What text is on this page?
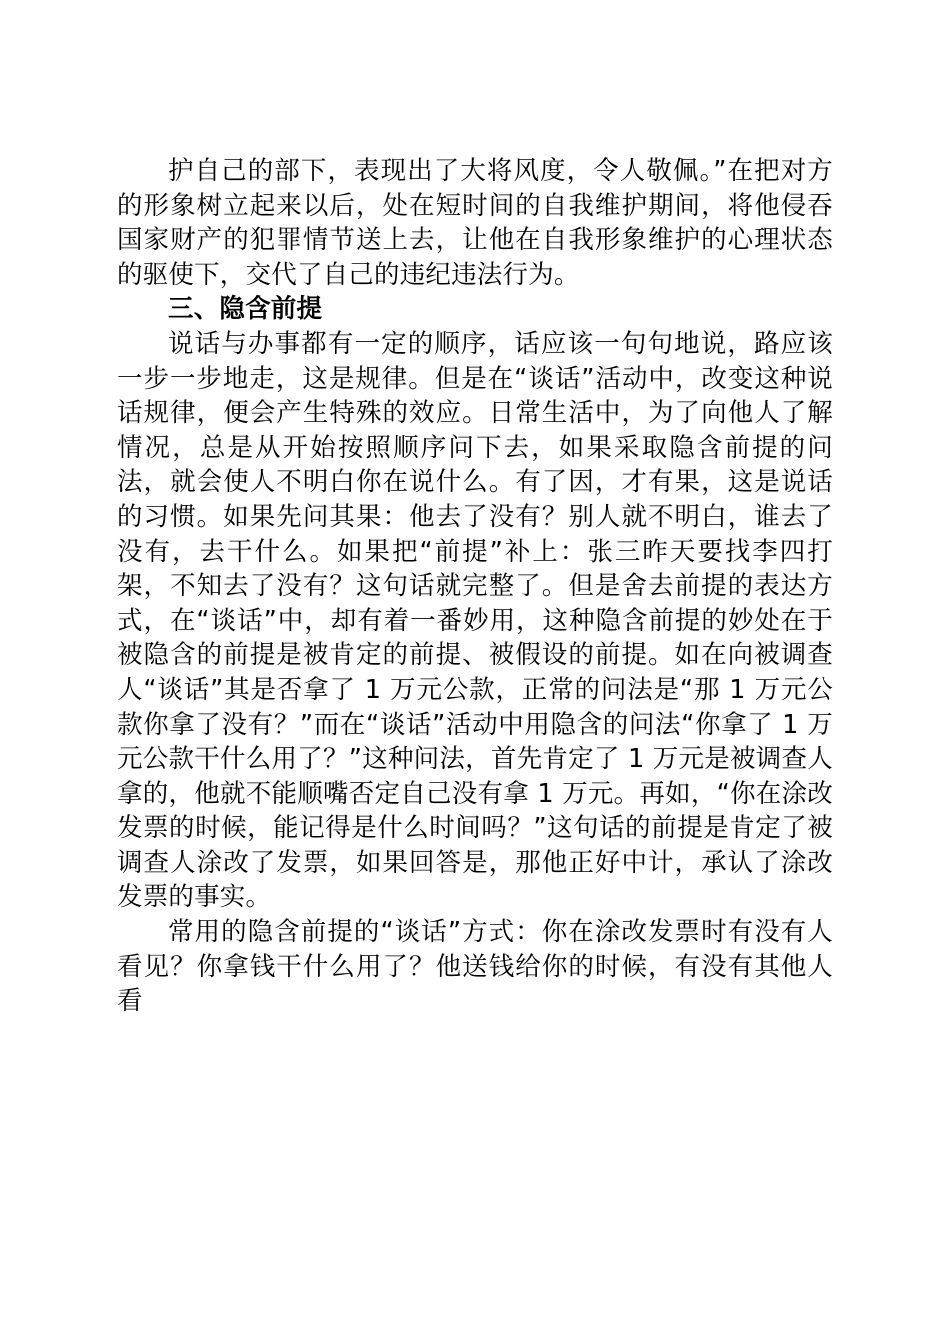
护自己的部下，表现出了大将风度，令人敬佩。”在把对方的形象树立起来以后，处在短时间的自我维护期间，将他侵吞国家财产的犯罪情节送上去，让他在自我形象维护的心理状态的驱使下，交代了自己的违纪违法行为。

三、隐含前提

说话与办事都有一定的顺序，话应该一句句地说，路应该一步一步地走，这是规律。但是在“谈话”活动中，改变这种说话规律，便会产生特殊的效应。日常生活中，为了向他人了解情况，总是从开始按照顺序问下去，如果采取隐含前提的问法，就会使人不明白你在说什么。有了因，才有果，这是说话的习惯。如果先问其果：他去了没有？别人就不明白，谁去了没有，去干什么。如果把“前提”补上：张三昨天要找李四打架，不知去了没有？这句话就完整了。但是舍去前提的表达方式，在“谈话”中，却有着一番妙用，这种隐含前提的妙处在于被隐含的前提是被肯定的前提、被假设的前提。如在向被调查人“谈话”其是否拿了 1 万元公款，正常的问法是“那 1 万元公款你拿了没有？”而在“谈话”活动中用隐含的问法“你拿了 1 万元公款干什么用了？”这种问法，首先肯定了 1 万元是被调查人拿的，他就不能顺嘴否定自己没有拿 1 万元。再如，“你在涂改发票的时候，能记得是什么时间吗？”这句话的前提是肯定了被调查人涂改了发票，如果回答是，那他正好中计，承认了涂改发票的事实。

常用的隐含前提的“谈话”方式：你在涂改发票时有没有人看见？你拿钱干什么用了？他送钱给你的时候，有没有其他人看
